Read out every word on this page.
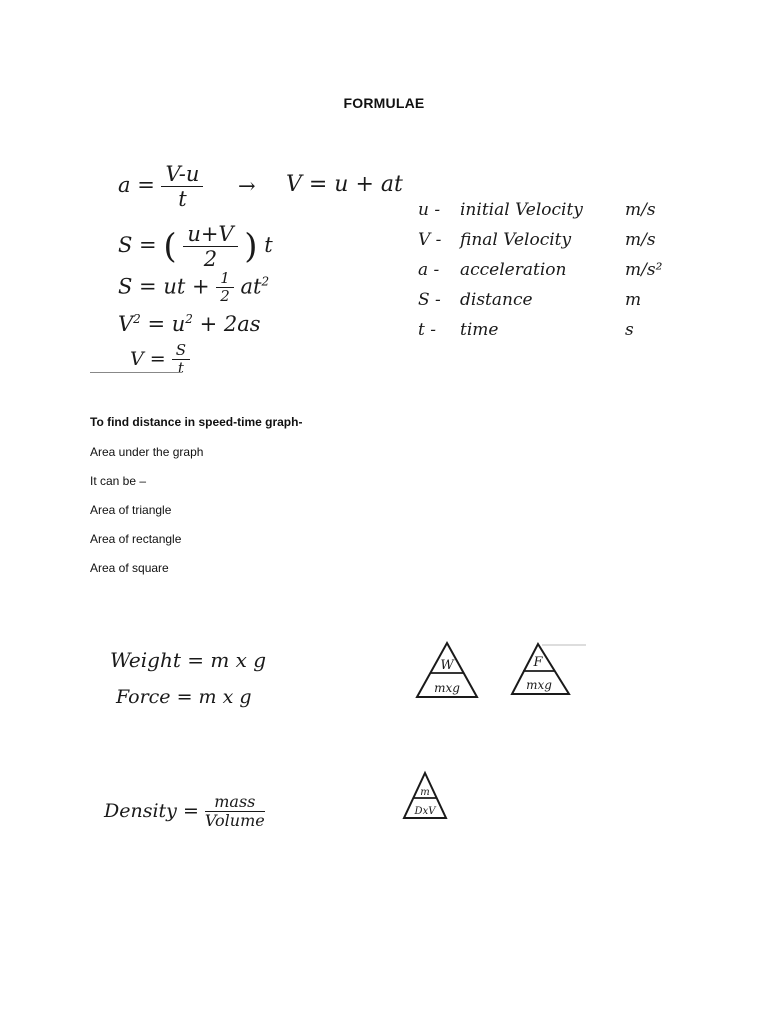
FORMULAE
$a = \frac{V-u}{t} \to V = u$ + at
S = ( $\frac{u+V}{2}$ ) t
S = ut + $\frac{1}{2} at^2$
$V^2 = u^2 + 2as$
$V = \frac{S}{t}$
u - initial Velocity m/s
V - final Velocity	m/s
a - acceleration	m/s²
S - distance	m
t - time	s
To find distance in speed-time graph-
Area under the graph
It can be –
Area of triangle
Area of rectangle
Area of square
Weight = m x g
Force = m x g
W
mxg
F
mxg
m
DxV
Density = $\frac{\text{mass}}{\text{Volume}}$
